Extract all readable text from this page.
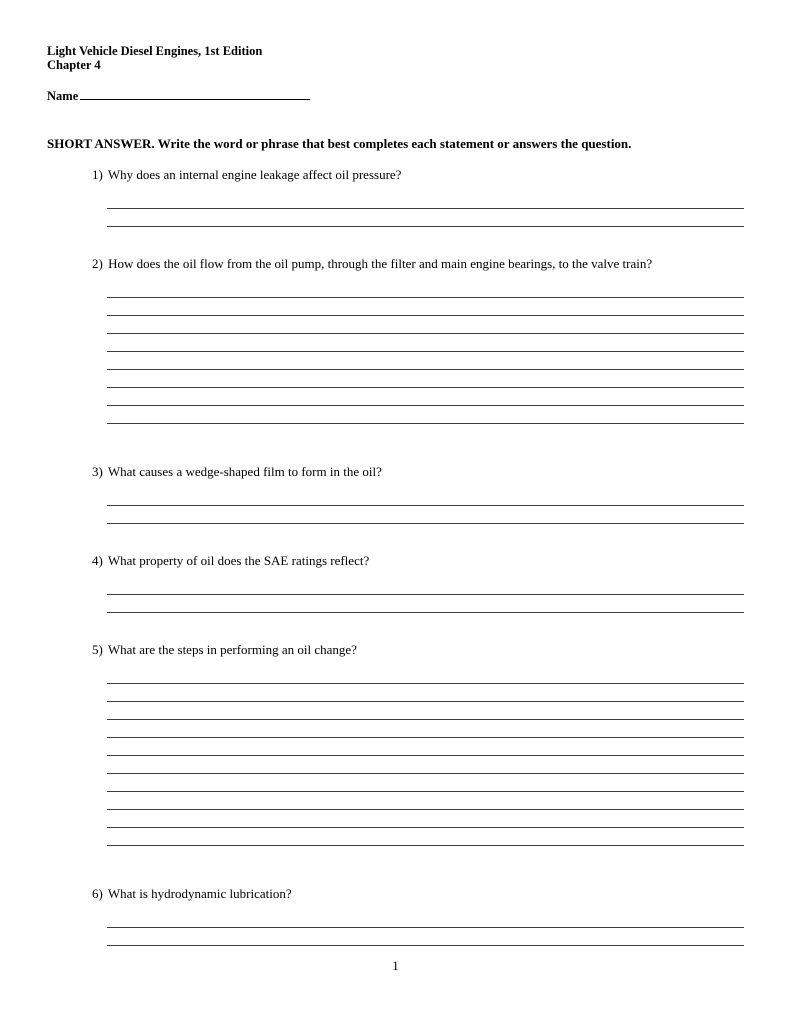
Light Vehicle Diesel Engines, 1st Edition
Chapter 4
Name
SHORT ANSWER. Write the word or phrase that best completes each statement or answers the question.
1) Why does an internal engine leakage affect oil pressure?
2) How does the oil flow from the oil pump, through the filter and main engine bearings, to the valve train?
3) What causes a wedge-shaped film to form in the oil?
4) What property of oil does the SAE ratings reflect?
5) What are the steps in performing an oil change?
6) What is hydrodynamic lubrication?
1
